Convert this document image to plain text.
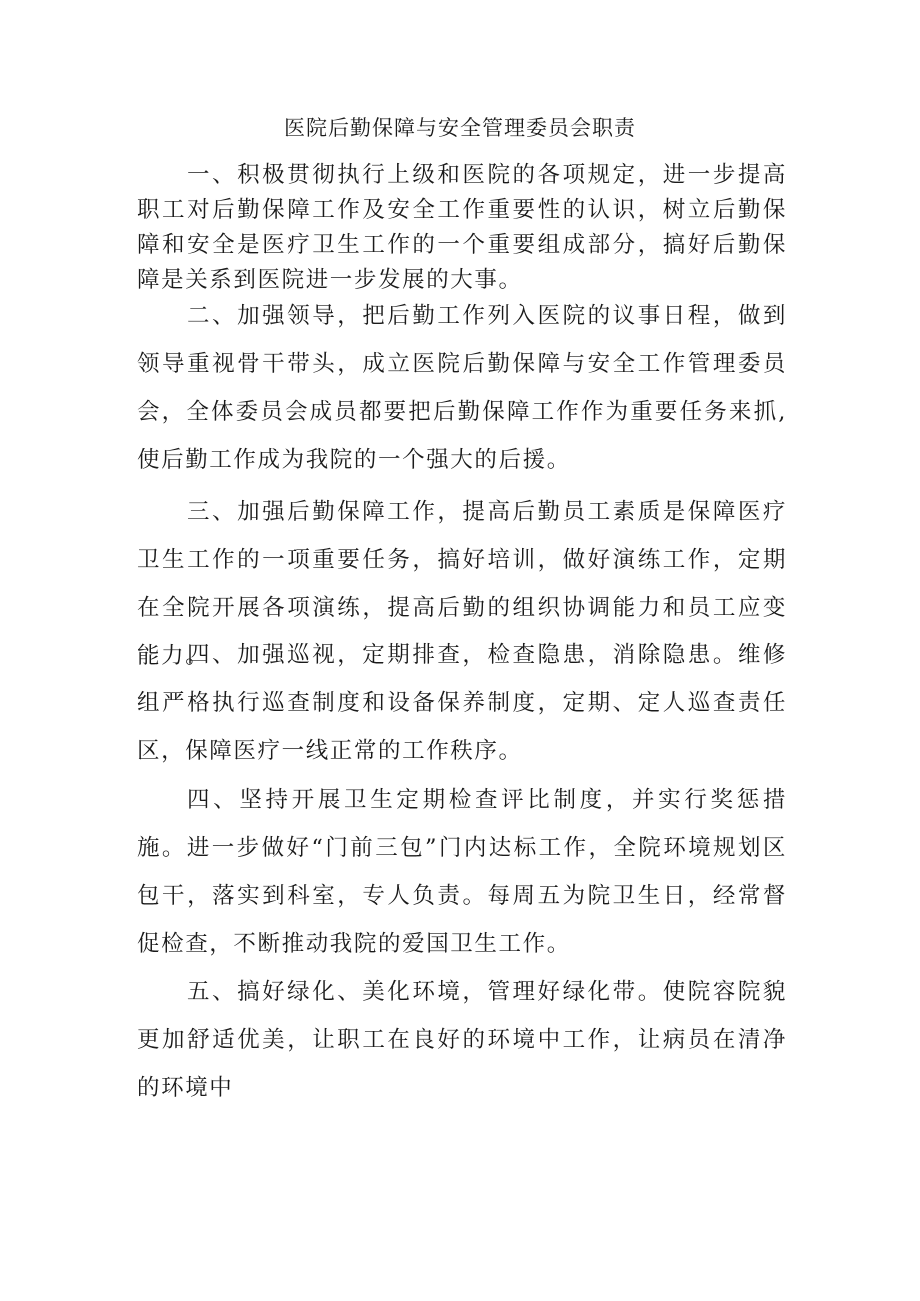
医院后勤保障与安全管理委员会职责

一、积极贯彻执行上级和医院的各项规定，进一步提高职工对后勤保障工作及安全工作重要性的认识，树立后勤保障和安全是医疗卫生工作的一个重要组成部分，搞好后勤保障是关系到医院进一步发展的大事。

二、加强领导，把后勤工作列入医院的议事日程，做到领导重视骨干带头，成立医院后勤保障与安全工作管理委员会，全体委员会成员都要把后勤保障工作作为重要任务来抓,使后勤工作成为我院的一个强大的后援。

三、加强后勤保障工作，提高后勤员工素质是保障医疗卫生工作的一项重要任务，搞好培训，做好演练工作，定期在全院开展各项演练，提高后勤的组织协调能力和员工应变能力。

四、加强巡视，定期排查，检查隐患，消除隐患。维修组严格执行巡查制度和设备保养制度，定期、定人巡查责任区，保障医疗一线正常的工作秩序。

四、坚持开展卫生定期检查评比制度，并实行奖惩措施。进一步做好“门前三包”门内达标工作，全院环境规划区包干，落实到科室，专人负责。每周五为院卫生日，经常督促检查，不断推动我院的爱国卫生工作。

五、搞好绿化、美化环境，管理好绿化带。使院容院貌更加舒适优美，让职工在良好的环境中工作，让病员在清净的环境中
